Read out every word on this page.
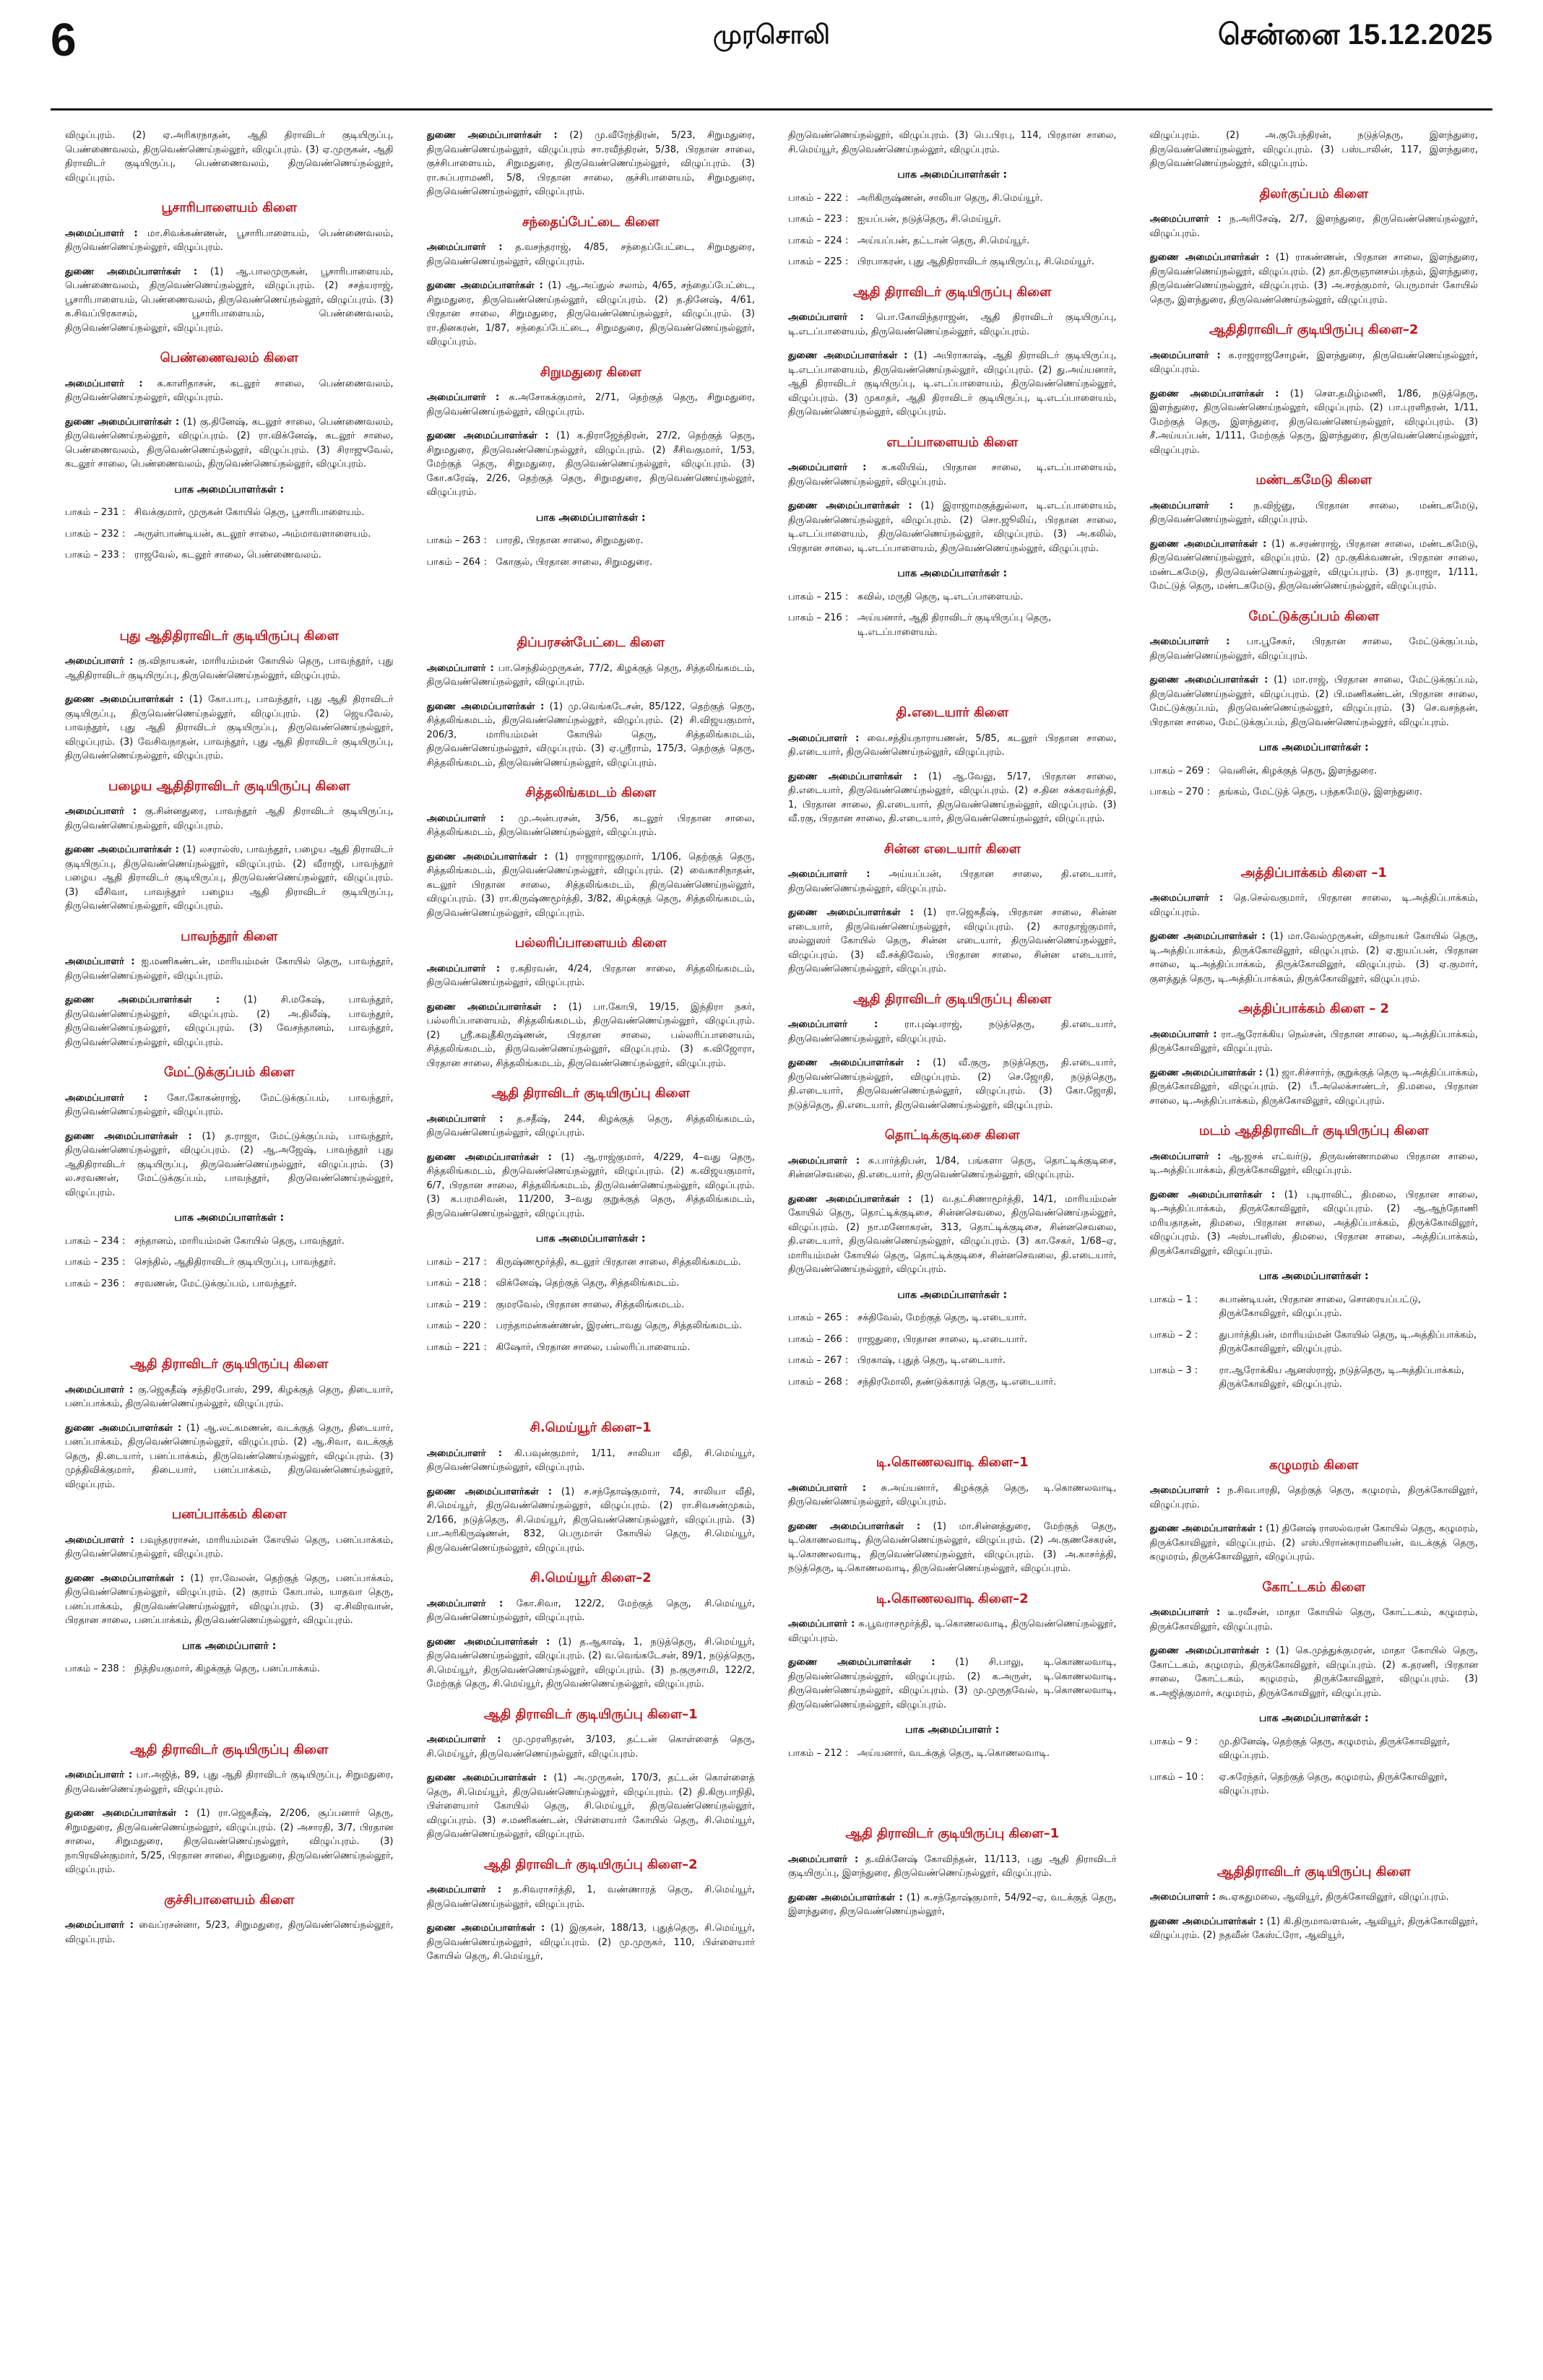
6	முரசொலி	சென்னை 15.12.2025

விழுப்புரம். (2) ஏ.அரிகரநாதன், ஆதி திராவிடர் குடியிருப்பு, பெண்ணைவலம், திருவெண்ணெய்நல்லூர், விழுப்புரம். (3) ஏ.முருகன், ஆதி திராவிடர் குடியிருப்பு, பெண்ணைவலம், திருவெண்ணெய்நல்லூர், விழுப்புரம்.

பூசாரிபாளையம் கிளை

அமைப்பாளர் : மா.சிவக்கண்ணன், பூசாரிபாளையம், பெண்ணைவலம், திருவெண்ணெய்நல்லூர், விழுப்புரம்.

துணை அமைப்பாளர்கள் : (1) ஆ.பாலமுருகன், பூசாரிபாளையம், பெண்ணைவலம், திருவெண்ணெய்நல்லூர், விழுப்புரம். (2) சசத்யராஜ், பூசாரிபாளையம், பெண்ணைவலம், திருவெண்ணெய்நல்லூர், விழுப்புரம். (3) க.சிவப்பிரகாசம், பூசாரிபாளையம், பெண்ணைவலம், திருவெண்ணெய்நல்லூர், விழுப்புரம்.

பெண்ணைவலம் கிளை

அமைப்பாளர் : க.காளிதாசன், கடலூர் சாலை, பெண்ணைவலம், திருவெண்ணெய்நல்லூர், விழுப்புரம்.

துணை அமைப்பாளர்கள் : (1) கு.தினேஷ், கடலூர் சாலை, பெண்ணைவலம், திருவெண்ணெய்நல்லூர், விழுப்புரம். (2) ரா.விக்னேஷ், கடலூர் சாலை, பெண்ணைவலம், திருவெண்ணெய்நல்லூர், விழுப்புரம். (3) சிராஜுவேல், கடலூர் சாலை, பெண்ணைவலம், திருவெண்ணெய்நல்லூர், விழுப்புரம்.

பாக அமைப்பாளர்கள் :
பாகம் – 231 : சிவக்குமார், முருகன் கோயில் தெரு, பூசாரிபாளையம்.
பாகம் – 232 : அருள்பாண்டியன், கடலூர் சாலை, அம்மாவளாளையம்.
பாகம் – 233 : ராஜவேல், கடலூர் சாலை, பெண்ணைவலம்.
புது ஆதிதிராவிடர் குடியிருப்பு கிளை

அமைப்பாளர் : கு.விநாயகன், மாரியம்மன் கோயில் தெரு, பாவந்தூர், புது ஆதிதிராவிடர் குடியிருப்பு, திருவெண்ணெய்நல்லூர், விழுப்புரம்.

துணை அமைப்பாளர்கள் : (1) கோ.பாபு, பாவந்தூர், புது ஆதி திராவிடர் குடியிருப்பு, திருவெண்ணெய்நல்லூர், விழுப்புரம். (2) ஜெயவேல், பாவந்தூர், புது ஆதி திராவிடர் குடியிருப்பு, திருவெண்ணெய்நல்லூர், விழுப்புரம். (3) வேசிவநாதன், பாவந்தூர், புது ஆதி திராவிடர் குடியிருப்பு, திருவெண்ணெய்நல்லூர், விழுப்புரம்.

பழைய ஆதிதிராவிடர் குடியிருப்பு கிளை

அமைப்பாளர் : கு.சின்னதுரை, பாவந்தூர் ஆதி திராவிடர் குடியிருப்பு, திருவெண்ணெய்நல்லூர், விழுப்புரம்.

துணை அமைப்பாளர்கள் : (1) லசரால்ஸ், பாவந்தூர், பழைய ஆதி திராவிடர் குடியிருப்பு, திருவெண்ணெய்நல்லூர், விழுப்புரம். (2) வீராஜி, பாவந்தூர் பழைய ஆதி திராவிடர் குடியிருப்பு, திருவெண்ணெய்நல்லூர், விழுப்புரம். (3) வீசிவா, பாவந்தூர் பழைய ஆதி திராவிடர் குடியிருப்பு, திருவெண்ணெய்நல்லூர், விழுப்புரம்.

பாவந்தூர் கிளை

அமைப்பாளர் : ஐ.மணிகண்டன், மாரியம்மன் கோயில் தெரு, பாவந்தூர், திருவெண்ணெய்நல்லூர், விழுப்புரம்.

துணை அமைப்பாளர்கள் : (1) சி.மகேஷ், பாவந்தூர், திருவெண்ணெய்நல்லூர், விழுப்புரம். (2) அ.திலீஷ், பாவந்தூர், திருவெண்ணெய்நல்லூர், விழுப்புரம். (3) வேசந்தானம், பாவந்தூர், திருவெண்ணெய்நல்லூர், விழுப்புரம்.

மேட்டுக்குப்பம் கிளை

அமைப்பாளர் : கோ.கோகன்ராஜ், மேட்டுக்குப்பம், பாவந்தூர், திருவெண்ணெய்நல்லூர், விழுப்புரம்.

துணை அமைப்பாளர்கள் : (1) த.ராஜா, மேட்டுக்குப்பம், பாவந்தூர், திருவெண்ணெய்நல்லூர், விழுப்புரம். (2) ஆ.அஜேஷ், பாவந்தூர் புது ஆதிதிராவிடர் குடியிருப்பு, திருவெண்ணெய்நல்லூர், விழுப்புரம். (3) ல.சரவணன், மேட்டுக்குப்பம், பாவந்தூர், திருவெண்ணெய்நல்லூர், விழுப்புரம்.

பாக அமைப்பாளர்கள் :
பாகம் – 234 : சந்தானம், மாரியம்மன் கோயில் தெரு, பாவந்தூர்.
பாகம் – 235 : செந்தில், ஆதிதிராவிடர் குடியிருப்பு, பாவந்தூர்.
பாகம் – 236 : சரவணன், மேட்டுக்குப்பம், பாவந்தூர்.
ஆதி திராவிடர் குடியிருப்பு கிளை

அமைப்பாளர் : கு.ஜெகதீஷ் சந்திரபோஸ், 299, கிழக்குத் தெரு, திடையார், பனப்பாக்கம், திருவெண்ணெய்நல்லூர், விழுப்புரம்.

துணை அமைப்பாளர்கள் : (1) ஆ.லட்சுமணன், வடக்குத் தெரு, திடையார், பனப்பாக்கம், திருவெண்ணெய்நல்லூர், விழுப்புரம். (2) ஆ.சிவா, வடக்குத் தெரு, தி.டையார், பனப்பாக்கம், திருவெண்ணெய்நல்லூர், விழுப்புரம். (3) முத்திவிக்குமார், திடையார், பனப்பாக்கம், திருவெண்ணெய்நல்லூர், விழுப்புரம்.

பனப்பாக்கம் கிளை

அமைப்பாளர் : பவுந்தரராசன், மாரியம்மன் கோயில் தெரு, பனப்பாக்கம், திருவெண்ணெய்நல்லூர், விழுப்புரம்.

துணை அமைப்பாளர்கள் : (1) ரா.வேலன், தெற்குத் தெரு, பனப்பாக்கம், திருவெண்ணெய்நல்லூர், விழுப்புரம். (2) குராம் கோபால், யாதவா தெரு, பனப்பாக்கம், திருவெண்ணெய்நல்லூர், விழுப்புரம். (3) ஏ.சிவிரவான், பிரதான சாலை, பனப்பாக்கம், திருவெண்ணெய்நல்லூர், விழுப்புரம்.

பாக அமைப்பாளர் :
பாகம் – 238 : நித்தியகுமார், கிழக்குத் தெரு, பனப்பாக்கம்.
ஆதி திராவிடர் குடியிருப்பு கிளை

அமைப்பாளர் : பா.அஜித், 89, புது ஆதி திராவிடர் குடியிருப்பு, சிறுமதுரை, திருவெண்ணெய்நல்லூர், விழுப்புரம்.

துணை அமைப்பாளர்கள் : (1) ரா.ஜெகதீஷ், 2/206, சூப்பனார் தெரு, சிறுமதுரை, திருவெண்ணெய்நல்லூர், விழுப்புரம். (2) அசாரதி, 3/7, பிரதான சாலை, சிறுமதுரை, திருவெண்ணெய்நல்லூர், விழுப்புரம். (3) நாபிரவின்குமார், 5/25, பிரதான சாலை, சிறுமதுரை, திருவெண்ணெய்நல்லூர், விழுப்புரம்.

குச்சிபாளையம் கிளை

அமைப்பாளர் : வைப்ரசன்னா, 5/23, சிறுமதுரை, திருவெண்ணெய்நல்லூர், விழுப்புரம்.

துணை அமைப்பாளர்கள் : (2) மு.வீரேந்திரன், 5/23, சிறுமதுரை, திருவெண்ணெய்நல்லூர், விழுப்புரம் சா.ரவீந்திரன், 5/38, பிரதான சாலை, குச்சிபாளையம், சிறுமதுரை, திருவெண்ணெய்நல்லூர், விழுப்புரம். (3) ரா.சுப்பராமணி, 5/8, பிரதான சாலை, குச்சிபாளையம், சிறுமதுரை, திருவெண்ணெய்நல்லூர், விழுப்புரம்.

சந்தைப்பேட்டை கிளை

அமைப்பாளர் : த.வசந்தராஜ், 4/85, சந்தைப்பேட்டை, சிறுமதுரை, திருவெண்ணெய்நல்லூர், விழுப்புரம்.

துணை அமைப்பாளர்கள் : (1) ஆ.அப்துல் சலாம், 4/65, சந்தைப்பேட்டை, சிறுமதுரை, திருவெண்ணெய்நல்லூர், விழுப்புரம். (2) த.தினேஷ், 4/61, பிரதான சாலை, சிறுமதுரை, திருவெண்ணெய்நல்லூர், விழுப்புரம். (3) ரா.தினகரன், 1/87, சந்தைப்பேட்டை, சிறுமதுரை, திருவெண்ணெய்நல்லூர், விழுப்புரம்.

சிறுமதுரை கிளை

அமைப்பாளர் : க.அசோகக்குமார், 2/71, தெற்குத் தெரு, சிறுமதுரை, திருவெண்ணெய்நல்லூர், விழுப்புரம்.

துணை அமைப்பாளர்கள் : (1) க.திராஜேந்திரன், 27/2, தெற்குத் தெரு, சிறுமதுரை, திருவெண்ணெய்நல்லூர், விழுப்புரம். (2) சீசிவகுமார், 1/53, மேற்குத் தெரு, சிறுமதுரை, திருவெண்ணெய்நல்லூர், விழுப்புரம். (3) கோ.சுரேஷ், 2/26, தெற்குத் தெரு, சிறுமதுரை, திருவெண்ணெய்நல்லூர், விழுப்புரம்.

பாக அமைப்பாளர்கள் :
பாகம் – 263 : பாரதி, பிரதான சாலை, சிறுமதுரை.
பாகம் – 264 : கோகுல், பிரதான சாலை, சிறுமதுரை.
திப்பரசன்பேட்டை கிளை

அமைப்பாளர் : பா.செந்தில்முருகன், 77/2, கிழக்குத் தெரு, சித்தலிங்கமடம், திருவெண்ணெய்நல்லூர், விழுப்புரம்.

துணை அமைப்பாளர்கள் : (1) மு.வெங்கடேசன், 85/122, தெற்குத் தெரு, சித்தலிங்கமடம், திருவெண்ணெய்நல்லூர், விழுப்புரம். (2) சி.விஜயகுமார், 206/3, மாரியம்மன் கோயில் தெரு, சித்தலிங்கமடம், திருவெண்ணெய்நல்லூர், விழுப்புரம். (3) ஏ.ஸ்ரீராம், 175/3, தெற்குத் தெரு, சித்தலிங்கமடம், திருவெண்ணெய்நல்லூர், விழுப்புரம்.

சித்தலிங்கமடம் கிளை

அமைப்பாளர் : மு.அன்பரசன், 3/56, கடலூர் பிரதான சாலை, சித்தலிங்கமடம், திருவெண்ணெய்நல்லூர், விழுப்புரம்.

துணை அமைப்பாளர்கள் : (1) ராஜாராஜகுமார், 1/106, தெற்குத் தெரு, சித்தலிங்கமடம், திருவெண்ணெய்நல்லூர், விழுப்புரம். (2) வைகாசிநாதன், கடலூர் பிரதான சாலை, சித்தலிங்கமடம், திருவெண்ணெய்நல்லூர், விழுப்புரம். (3) ரா.கிருஷ்ணமூர்த்தி, 3/82, கிழக்குத் தெரு, சித்தலிங்கமடம், திருவெண்ணெய்நல்லூர், விழுப்புரம்.

பல்லரிப்பாளையம் கிளை

அமைப்பாளர் : ர.கதிரவன், 4/24, பிரதான சாலை, சித்தலிங்கமடம், திருவெண்ணெய்நல்லூர், விழுப்புரம்.

துணை அமைப்பாளர்கள் : (1) பா.கோபி, 19/15, இந்திரா நகர், பல்லரிப்பாளையம், சித்தலிங்கமடம், திருவெண்ணெய்நல்லூர், விழுப்புரம். (2) ஸ்ரீ.கவுதீகிருஷ்ணன், பிரதான சாலை, பல்லரிப்பாளையம், சித்தலிங்கமடம், திருவெண்ணெய்நல்லூர், விழுப்புரம். (3) க.விஜோரா, பிரதான சாலை, சித்தலிங்கமடம், திருவெண்ணெய்நல்லூர், விழுப்புரம்.

ஆதி திராவிடர் குடியிருப்பு கிளை

அமைப்பாளர் : த.சதீஷ், 244, கிழக்குத் தெரு, சித்தலிங்கமடம், திருவெண்ணெய்நல்லூர், விழுப்புரம்.

துணை அமைப்பாளர்கள் : (1) ஆ.ராஜ்குமார், 4/229, 4–வது தெரு, சித்தலிங்கமடம், திருவெண்ணெய்நல்லூர், விழுப்புரம். (2) க.விஜயகுமார், 6/7, பிரதான சாலை, சித்தலிங்கமடம், திருவெண்ணெய்நல்லூர், விழுப்புரம். (3) க.பரமசிவன், 11/200, 3–வது குறுக்குத் தெரு, சித்தலிங்கமடம், திருவெண்ணெய்நல்லூர், விழுப்புரம்.

பாக அமைப்பாளர்கள் :
பாகம் – 217 : கிருஷ்ணமூர்த்தி, கடலூர் பிரதான சாலை, சித்தலிங்கமடம்.
பாகம் – 218 : விக்னேஷ், தெற்குத் தெரு, சித்தலிங்கமடம்.
பாகம் – 219 : குமரவேல், பிரதான சாலை, சித்தலிங்கமடம்.
பாகம் – 220 : பரந்தாமன்கண்ணன், இரண்டாவது தெரு, சித்தலிங்கமடம்.
பாகம் – 221 : கிஷோர், பிரதான சாலை, பல்லரிப்பாளையம்.
சி.மெய்யூர் கிளை–1

அமைப்பாளர் : கி.பவுன்குமார், 1/11, சாலியா வீதி, சி.மெய்யூர், திருவெண்ணெய்நல்லூர், விழுப்புரம்.

துணை அமைப்பாளர்கள் : (1) ச.சந்தோஷ்குமார், 74, சாலியா வீதி, சி.மெய்யூர், திருவெண்ணெய்நல்லூர், விழுப்புரம். (2) ரா.சிவசண்முகம், 2/166, நடுத்தெரு, சி.மெய்யூர், திருவெண்ணெய்நல்லூர், விழுப்புரம். (3) பா.அரிகிருஷ்ணன், 832, பெருமாள் கோயில் தெரு, சி.மெய்யூர், திருவெண்ணெய்நல்லூர், விழுப்புரம்.

சி.மெய்யூர் கிளை–2

அமைப்பாளர் : கோ.சிவா, 122/2, மேற்குத் தெரு, சி.மெய்யூர், திருவெண்ணெய்நல்லூர், விழுப்புரம்.

துணை அமைப்பாளர்கள் : (1) த.ஆகாஷ், 1, நடுத்தெரு, சி.மெய்யூர், திருவெண்ணெய்நல்லூர், விழுப்புரம். (2) வ.வெங்கடேசன், 89/1, நடுத்தெரு, சி.மெய்யூர், திருவெண்ணெய்நல்லூர், விழுப்புரம். (3) ந.குருசாமி, 122/2, மேற்குத் தெரு, சி.மெய்யூர், திருவெண்ணெய்நல்லூர், விழுப்புரம்.

ஆதி திராவிடர் குடியிருப்பு கிளை–1

அமைப்பாளர் : மு.முரளிதரன், 3/103, தட்டன் கொள்ளைத் தெரு, சி.மெய்யூர், திருவெண்ணெய்நல்லூர், விழுப்புரம்.

துணை அமைப்பாளர்கள் : (1) அ.முருகன், 170/3, தட்டன் கொள்ளைத் தெரு, சி.மெய்யூர், திருவெண்ணெய்நல்லூர், விழுப்புரம். (2) தி.கிருபாநிதி, பிள்ளையார் கோயில் தெரு, சி.மெய்யூர், திருவெண்ணெய்நல்லூர், விழுப்புரம். (3) ச.மணிகண்டன், பிள்ளையார் கோயில் தெரு, சி.மெய்யூர், திருவெண்ணெய்நல்லூர், விழுப்புரம்.

ஆதி திராவிடர் குடியிருப்பு கிளை–2

அமைப்பாளர் : த.சிவராசர்த்தி, 1, வண்ணாரத் தெரு, சி.மெய்யூர், திருவெண்ணெய்நல்லூர், விழுப்புரம்.

துணை அமைப்பாளர்கள் : (1) இகுகன், 188/13, புதுத்தெரு, சி.மெய்யூர், திருவெண்ணெய்நல்லூர், விழுப்புரம். (2) மு.முருகர், 110, பிள்ளையார் கோயில் தெரு, சி.மெய்யூர்,

திருவெண்ணெய்நல்லூர், விழுப்புரம். (3) பெ.பிரபு, 114, பிரதான சாலை, சி.மெய்யூர், திருவெண்ணெய்நல்லூர், விழுப்புரம்.

பாக அமைப்பாளர்கள் :
பாகம் – 222 : அரிகிருஷ்ணன், சாலியா தெரு, சி.மெய்யூர்.
பாகம் – 223 : ஐயப்பன், நடுத்தெரு, சி.மெய்யூர்.
பாகம் – 224 : அய்யப்பன், தட்டான் தெரு, சி.மெய்யூர்.
பாகம் – 225 : பிரபாகரன், புது ஆதிதிராவிடர் குடியிருப்பு, சி.மெய்யூர்.
ஆதி திராவிடர் குடியிருப்பு கிளை

அமைப்பாளர் : பொ.கோவிந்தராஜன், ஆதி திராவிடர் குடியிருப்பு, டி.எடப்பாளையம், திருவெண்ணெய்நல்லூர், விழுப்புரம்.

துணை அமைப்பாளர்கள் : (1) அபிராகாஷ், ஆதி திராவிடர் குடியிருப்பு, டி.எடப்பாளையம், திருவெண்ணெய்நல்லூர், விழுப்புரம். (2) து.அய்யனார், ஆதி திராவிடர் குடியிருப்பு, டி.எடப்பாளையம், திருவெண்ணெய்நல்லூர், விழுப்புரம். (3) முகாதர், ஆதி திராவிடர் குடியிருப்பு, டி.எடப்பாளையம், திருவெண்ணெய்நல்லூர், விழுப்புரம்.

எடப்பாளையம் கிளை

அமைப்பாளர் : க.கலியிவ், பிரதான சாலை, டி.எடப்பாளையம், திருவெண்ணெய்நல்லூர், விழுப்புரம்.

துணை அமைப்பாளர்கள் : (1) இராஜாமகுத்துல்லா, டி.எடப்பாளையம், திருவெண்ணெய்நல்லூர், விழுப்புரம். (2) சொ.ஜூலிய், பிரதான சாலை, டி.எடப்பாளையம், திருவெண்ணெய்நல்லூர், விழுப்புரம். (3) அ.கலில், பிரதான சாலை, டி.எடப்பாளையம், திருவெண்ணெய்நல்லூர், விழுப்புரம்.

பாக அமைப்பாளர்கள் :
பாகம் – 215 : கவில், மருதி தெரு, டி.எடப்பாளையம்.
பாகம் – 216 : அய்யனார், ஆதி திராவிடர் குடியிருப்பு தெரு, டி.எடப்பாளையம்.
தி.எடையார் கிளை

அமைப்பாளர் : வை.சத்தியநாராயணன், 5/85, கடலூர் பிரதான சாலை, தி.எடையார், திருவெண்ணெய்நல்லூர், விழுப்புரம்.

துணை அமைப்பாளர்கள் : (1) ஆ.வேலு, 5/17, பிரதான சாலை, தி.எடையார், திருவெண்ணெய்நல்லூர், விழுப்புரம். (2) ச.தின சக்கரவர்த்தி, 1, பிரதான சாலை, தி.எடையார், திருவெண்ணெய்நல்லூர், விழுப்புரம். (3) வீ.ரகு, பிரதான சாலை, தி.எடையார், திருவெண்ணெய்நல்லூர், விழுப்புரம்.

சின்ன எடையார் கிளை

அமைப்பாளர் : அய்யப்பன், பிரதான சாலை, தி.எடையார், திருவெண்ணெய்நல்லூர், விழுப்புரம்.

துணை அமைப்பாளர்கள் : (1) ரா.ஜெகதீஷ், பிரதான சாலை, சின்ன எடையார், திருவெண்ணெய்நல்லூர், விழுப்புரம். (2) காரதாஜ்குமார், ஸல்லுஸர் கோயில் தெரு, சின்ன எடையார், திருவெண்ணெய்நல்லூர், விழுப்புரம். (3) வீ.சக்திவேல், பிரதான சாலை, சின்ன எடையார், திருவெண்ணெய்நல்லூர், விழுப்புரம்.

ஆதி திராவிடர் குடியிருப்பு கிளை

அமைப்பாளர் : ரா.புஷ்பராஜ், நடுத்தெரு, தி.எடையார், திருவெண்ணெய்நல்லூர், விழுப்புரம்.

துணை அமைப்பாளர்கள் : (1) வீ.குரு, நடுத்தெரு, தி.எடையார், திருவெண்ணெய்நல்லூர், விழுப்புரம். (2) செ.ஜோதி, நடுத்தெரு, தி.எடையார், திருவெண்ணெய்நல்லூர், விழுப்புரம். (3) கோ.ஜோதி, நடுத்தெரு, தி.எடையார், திருவெண்ணெய்நல்லூர், விழுப்புரம்.

தொட்டிக்குடிசை கிளை

அமைப்பாளர் : சு.பார்த்திபன், 1/84, பங்களா தெரு, தொட்டிக்குடிசை, சின்னசெவலை, தி.எடையார், திருவெண்ணெய்நல்லூர், விழுப்புரம்.

துணை அமைப்பாளர்கள் : (1) வ.தட்சிணாமூர்த்தி, 14/1, மாரியம்மன் கோயில் தெரு, தொட்டிக்குடிசை, சின்னசெவலை, திருவெண்ணெய்நல்லூர், விழுப்புரம். (2) நா.மனோகரன், 313, தொட்டிக்குடிசை, சின்னசெவலை, தி.எடையார், திருவெண்ணெய்நல்லூர், விழுப்புரம். (3) கா.சேகர், 1/68–ஏ, மாரியம்மன் கோயில் தெரு, தொட்டிக்குடிசை, சின்னசெவலை, தி.எடையார், திருவெண்ணெய்நல்லூர், விழுப்புரம்.

பாக அமைப்பாளர்கள் :
பாகம் – 265 : சக்திவேல், மேற்குத் தெரு, டி.எடையார்.
பாகம் – 266 : ராஜதுரை, பிரதான சாலை, டி.எடையார்.
பாகம் – 267 : பிரகாஷ், புதுத் தெரு, டி.எடையார்.
பாகம் – 268 : சந்திரமோலி, தண்டுக்காரத் தெரு, டி.எடையார்.
டி.கொணலவாடி கிளை–1

அமைப்பாளர் : சு.அய்யனார், கிழக்குத் தெரு, டி.கொணலவாடி, திருவெண்ணெய்நல்லூர், விழுப்புரம்.

துணை அமைப்பாளர்கள் : (1) மா.சின்னத்துரை, மேற்குத் தெரு, டி.கொணலவாடி, திருவெண்ணெய்நல்லூர், விழுப்புரம். (2) அ.குணசேகரன், டி.கொணலவாடி, திருவெண்ணெய்நல்லூர், விழுப்புரம். (3) அ.காசர்த்தி, நடுத்தெரு, டி.கொணலவாடி, திருவெண்ணெய்நல்லூர், விழுப்புரம்.

டி.கொணலவாடி கிளை–2

அமைப்பாளர் : சு.பூவராசமூர்த்தி, டி.கொணலவாடி, திருவெண்ணெய்நல்லூர், விழுப்புரம்.

துணை அமைப்பாளர்கள் : (1) சி.பாலு, டி.கொணலவாடி, திருவெண்ணெய்நல்லூர், விழுப்புரம். (2) க.அருள், டி.கொணலவாடி, திருவெண்ணெய்நல்லூர், விழுப்புரம். (3) மு.முருதவேல், டி.கொணலவாடி, திருவெண்ணெய்நல்லூர், விழுப்புரம்.

பாக அமைப்பாளர் :
பாகம் – 212 : அய்யனார், வடக்குத் தெரு, டி.கொணலவாடி.
ஆதி திராவிடர் குடியிருப்பு கிளை–1

அமைப்பாளர் : த.விக்னேஷ் கோவிந்தன், 11/113, புது ஆதி திராவிடர் குடியிருப்பு, இளந்துரை, திருவெண்ணெய்நல்லூர், விழுப்புரம்.

துணை அமைப்பாளர்கள் : (1) க.சந்தோஷ்குமார், 54/92–ஏ, வடக்குத் தெரு, இளந்துரை, திருவெண்ணெய்நல்லூர்,

விழுப்புரம். (2) அ.குபேந்திரன், நடுத்தெரு, இளந்துரை, திருவெண்ணெய்நல்லூர், விழுப்புரம். (3) பஸ்டாலின், 117, இளந்துரை, திருவெண்ணெய்நல்லூர், விழுப்புரம்.

திலர்குப்பம் கிளை

அமைப்பாளர் : ந.அரிசேஷ், 2/7, இளந்துரை, திருவெண்ணெய்நல்லூர், விழுப்புரம்.

துணை அமைப்பாளர்கள் : (1) ராகண்ணன், பிரதான சாலை, இளந்துரை, திருவெண்ணெய்நல்லூர், விழுப்புரம். (2) தா.திருஞானசம்பந்தம், இளந்துரை, திருவெண்ணெய்நல்லூர், விழுப்புரம். (3) அ.சரத்குமார், பெருமாள் கோயில் தெரு, இளந்துரை, திருவெண்ணெய்நல்லூர், விழுப்புரம்.

ஆதிதிராவிடர் குடியிருப்பு கிளை–2

அமைப்பாளர் : க.ராஜராஜசோழன், இளந்துரை, திருவெண்ணெய்நல்லூர், விழுப்புரம்.

துணை அமைப்பாளர்கள் : (1) செள.தமிழ்மணி, 1/86, நடுத்தெரு, இளந்துரை, திருவெண்ணெய்நல்லூர், விழுப்புரம். (2) பா.புரளிதரன், 1/11, மேற்குத் தெரு, இளந்துரை, திருவெண்ணெய்நல்லூர், விழுப்புரம். (3) சீ.அய்யப்பன், 1/111, மேற்குத் தெரு, இளந்துரை, திருவெண்ணெய்நல்லூர், விழுப்புரம்.

மண்டகமேடு கிளை

அமைப்பாளர் : ந.விஜ்னு, பிரதான சாலை, மண்டகமேடு, திருவெண்ணெய்நல்லூர், விழுப்புரம்.

துணை அமைப்பாளர்கள் : (1) க.சரண்ராஜ், பிரதான சாலை, மண்டகமேடு, திருவெண்ணெய்நல்லூர், விழுப்புரம். (2) மு.குகிக்வணன், பிரதான சாலை, மண்டகமேடு, திருவெண்ணெய்நல்லூர், விழுப்புரம். (3) த.ராஜா, 1/111, மேட்டுத் தெரு, மண்டகமேடு, திருவெண்ணெய்நல்லூர், விழுப்புரம்.

மேட்டுக்குப்பம் கிளை

அமைப்பாளர் : பா.பூசேகர், பிரதான சாலை, மேட்டுக்குப்பம், திருவெண்ணெய்நல்லூர், விழுப்புரம்.

துணை அமைப்பாளர்கள் : (1) மா.ராஜ், பிரதான சாலை, மேட்டுக்குப்பம், திருவெண்ணெய்நல்லூர், விழுப்புரம். (2) பி.மணிகண்டன், பிரதான சாலை, மேட்டுக்குப்பம், திருவெண்ணெய்நல்லூர், விழுப்புரம். (3) செ.வசந்தன், பிரதான சாலை, மேட்டுக்குப்பம், திருவெண்ணெய்நல்லூர், விழுப்புரம்.

பாக அமைப்பாளர்கள் :
பாகம் – 269 : வெனின், கிழக்குத் தெரு, இளந்துரை.
பாகம் – 270 : தங்கம், மேட்டுத் தெரு, பந்தகமேடு, இளந்துரை.
அத்திப்பாக்கம் கிளை –1

அமைப்பாளர் : தெ.செல்வகுமார், பிரதான சாலை, டி.அத்திப்பாக்கம், விழுப்புரம்.

துணை அமைப்பாளர்கள் : (1) மா.வேல்முருகன், விநாயகர் கோயில் தெரு, டி.அத்திப்பாக்கம், திருக்கோவிலூர், விழுப்புரம். (2) ஏ.ஐயப்பன், பிரதான சாலை, டி.அத்திப்பாக்கம், திருக்கோவிலூர், விழுப்புரம். (3) ஏ.குமார், குளத்துத் தெரு, டி.அத்திப்பாக்கம், திருக்கோவிலூர், விழுப்புரம்.

அத்திப்பாக்கம் கிளை – 2

அமைப்பாளர் : ரா.ஆரோக்கிய நெல்சன், பிரதான சாலை, டி.அத்திப்பாக்கம், திருக்கோவிலூர், விழுப்புரம்.

துணை அமைப்பாளர்கள் : (1) ஜா.சிச்சார்ந், குறுக்குத் தெரு டி.அத்திப்பாக்கம், திருக்கோவிலூர், விழுப்புரம். (2) பீ.அலெக்சாண்டர், தி.மலை, பிரதான சாலை, டி.அத்திப்பாக்கம், திருக்கோவிலூர், விழுப்புரம்.

மடம் ஆதிதிராவிடர் குடியிருப்பு கிளை

அமைப்பாளர் : ஆ.ஜசக் எட்வர்டு, திருவண்ணாமலை பிரதான சாலை, டி.அத்திப்பாக்கம், திருக்கோவிலூர், விழுப்புரம்.

துணை அமைப்பாளர்கள் : (1) புடிராவிட், திமலை, பிரதான சாலை, டி.அத்திப்பாக்கம், திருக்கோவிலூர், விழுப்புரம். (2) ஆ.ஆந்தோணி மரியதாதன், திமலை, பிரதான சாலை, அத்திப்பாக்கம், திருக்கோவிலூர், விழுப்புரம். (3) அஸ்டானிஸ், திமலை, பிரதான சாலை, அத்திப்பாக்கம், திருக்கோவிலூர், விழுப்புரம்.

பாக அமைப்பாளர்கள் :
பாகம் – 1 :	சுபாண்டியன், பிரதான சாலை, சொரையப்பட்டு, திருக்கோவிலூர், விழுப்புரம்.
பாகம் – 2 :	துபார்த்திபன், மாரியம்மன் கோயில் தெரு, டி.அத்திப்பாக்கம், திருக்கோவிலூர், விழுப்புரம்.
பாகம் – 3 :	ரா.ஆரோக்கிய ஆனஸ்ராஜ், நடுத்தெரு, டி.அத்திப்பாக்கம், திருக்கோவிலூர், விழுப்புரம்.
கழுமரம் கிளை

அமைப்பாளர் : ந.சிவபாரதி, தெற்குத் தெரு, கழுமரம், திருக்கோவிலூர், விழுப்புரம்.

துணை அமைப்பாளர்கள் : (1) தினேஷ் ராஸல்வரன் கோயில் தெரு, கழுமரம், திருக்கோவிலூர், விழுப்புரம். (2) எஸ்.பிரான்சுராமனியன், வடக்குத் தெரு, கழுமரம், திருக்கோவிலூர், விழுப்புரம்.

கோட்டகம் கிளை

அமைப்பாளர் : டீ.ரவீசன், மாதா கோயில் தெரு, கோட்டகம், கழுமரம், திருக்கோவிலூர், விழுப்புரம்.

துணை அமைப்பாளர்கள் : (1) கெ.முத்துக்குமரன், மாதா கோயில் தெரு, கோட்டகம், கழுமரம், திருக்கோவிலூர், விழுப்புரம். (2) க.தரணி, பிரதான சாலை, கோட்டகம், கழுமரம், திருக்கோவிலூர், விழுப்புரம். (3) க.அஜித்குமார், கழுமரம், திருக்கோவிலூர், விழுப்புரம்.

பாக அமைப்பாளர்கள் :
பாகம் – 9 :	மு.தினேஷ், தெற்குத் தெரு, கழுமரம், திருக்கோவிலூர், விழுப்புரம்.
பாகம் – 10 :	ஏ.சுரேந்தர், தெற்குத் தெரு, கழுமரம், திருக்கோவிலூர், விழுப்புரம்.
ஆதிதிராவிடர் குடியிருப்பு கிளை

அமைப்பாளர் : கூ.ஏசுதுமலை, ஆவியூர், திருக்கோவிலூர், விழுப்புரம்.

துணை அமைப்பாளர்கள் : (1) கி.திருமாவளவன், ஆவியூர், திருக்கோவிலூர், விழுப்புரம். (2) நதவீன் கேஸ்ட்ரோ, ஆவியூர்,
